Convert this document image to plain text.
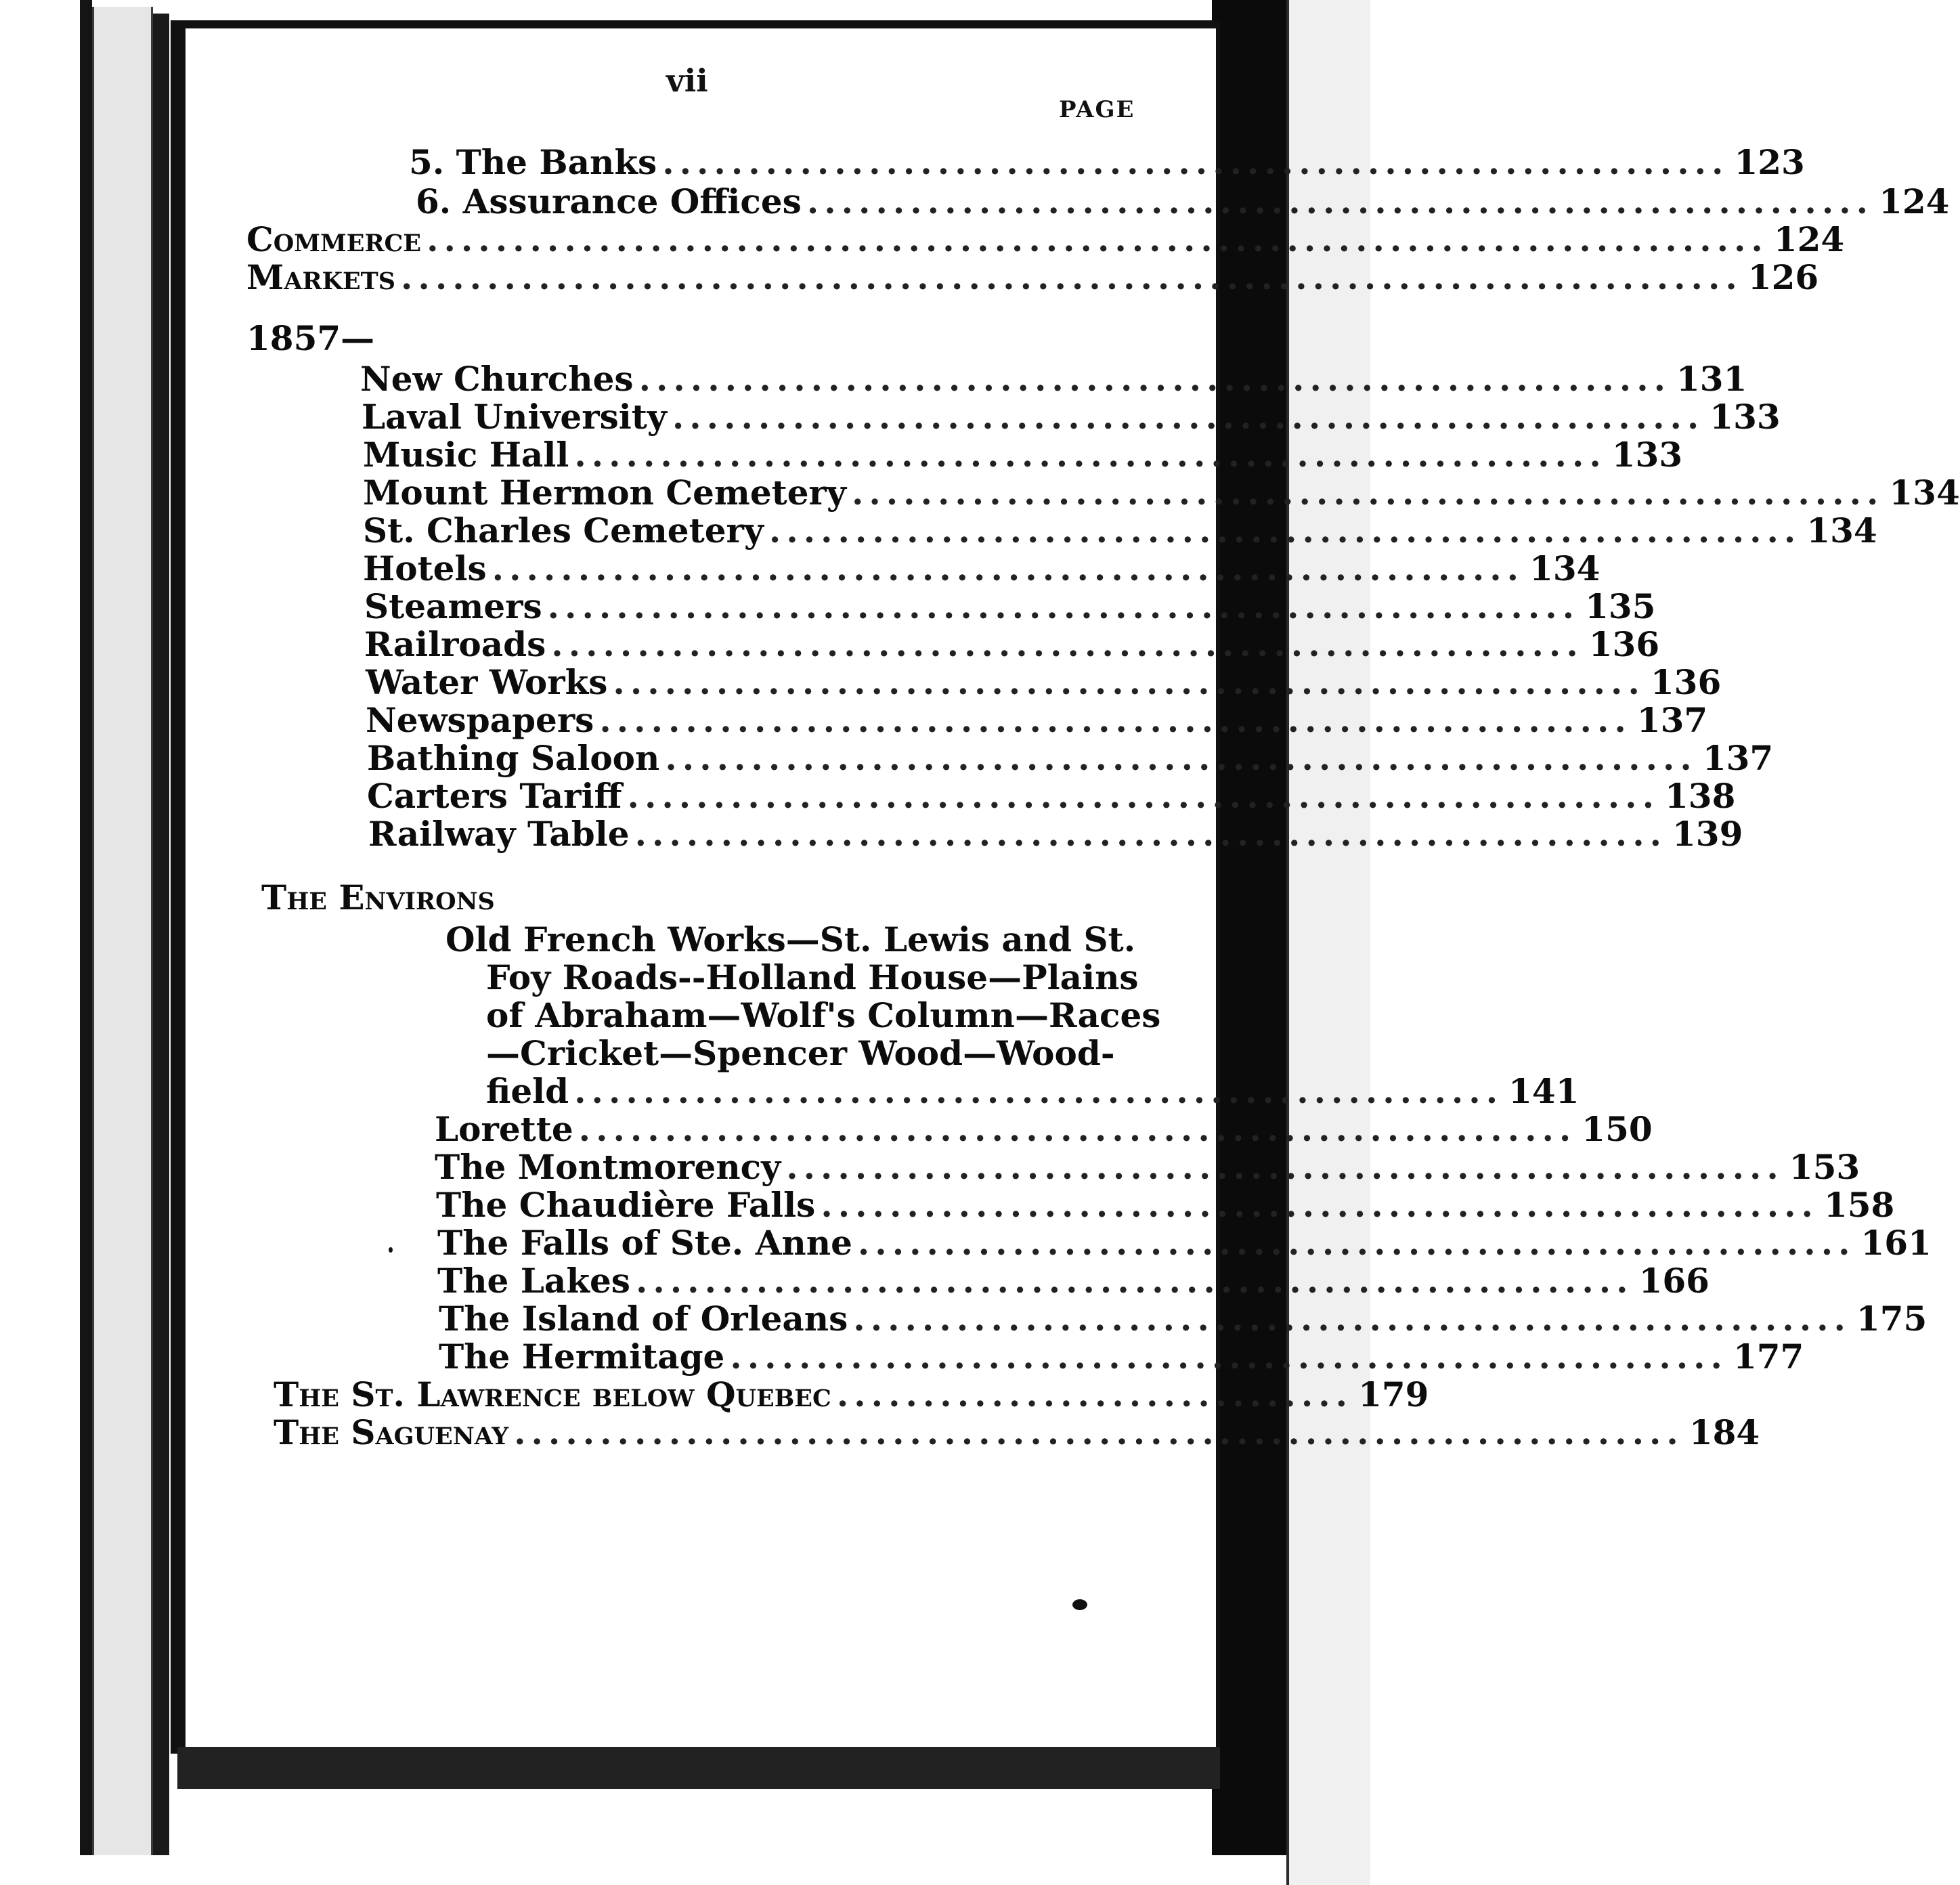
vii
PAGE
5. The Banks .............................................................. 123
6. Assurance Offices .............................................................. 124
Commerce .............................................................................. 124
Markets .............................................................................. 126
1857—
New Churches ............................................................ 131
Laval University ............................................................ 133
Music Hall ............................................................ 133
Mount Hermon Cemetery ............................................................ 134
St. Charles Cemetery ............................................................ 134
Hotels ............................................................ 134
Steamers ............................................................ 135
Railroads ............................................................ 136
Water Works ............................................................ 136
Newspapers ............................................................ 137
Bathing Saloon ............................................................ 137
Carters Tariff ............................................................ 138
Railway Table ............................................................ 139
The Environs
Old French Works—St. Lewis and St.
Foy Roads--Holland House—Plains
of Abraham—Wolf's Column—Races
—Cricket—Spencer Wood—Wood-
field ...................................................... 141
Lorette .......................................................... 150
The Montmorency .......................................................... 153
The Chaudière Falls .......................................................... 158
The Falls of Ste. Anne .......................................................... 161
The Lakes .......................................................... 166
The Island of Orleans .......................................................... 175
The Hermitage .......................................................... 177
The St. Lawrence below Quebec .............................. 179
The Saguenay .................................................................... 184
